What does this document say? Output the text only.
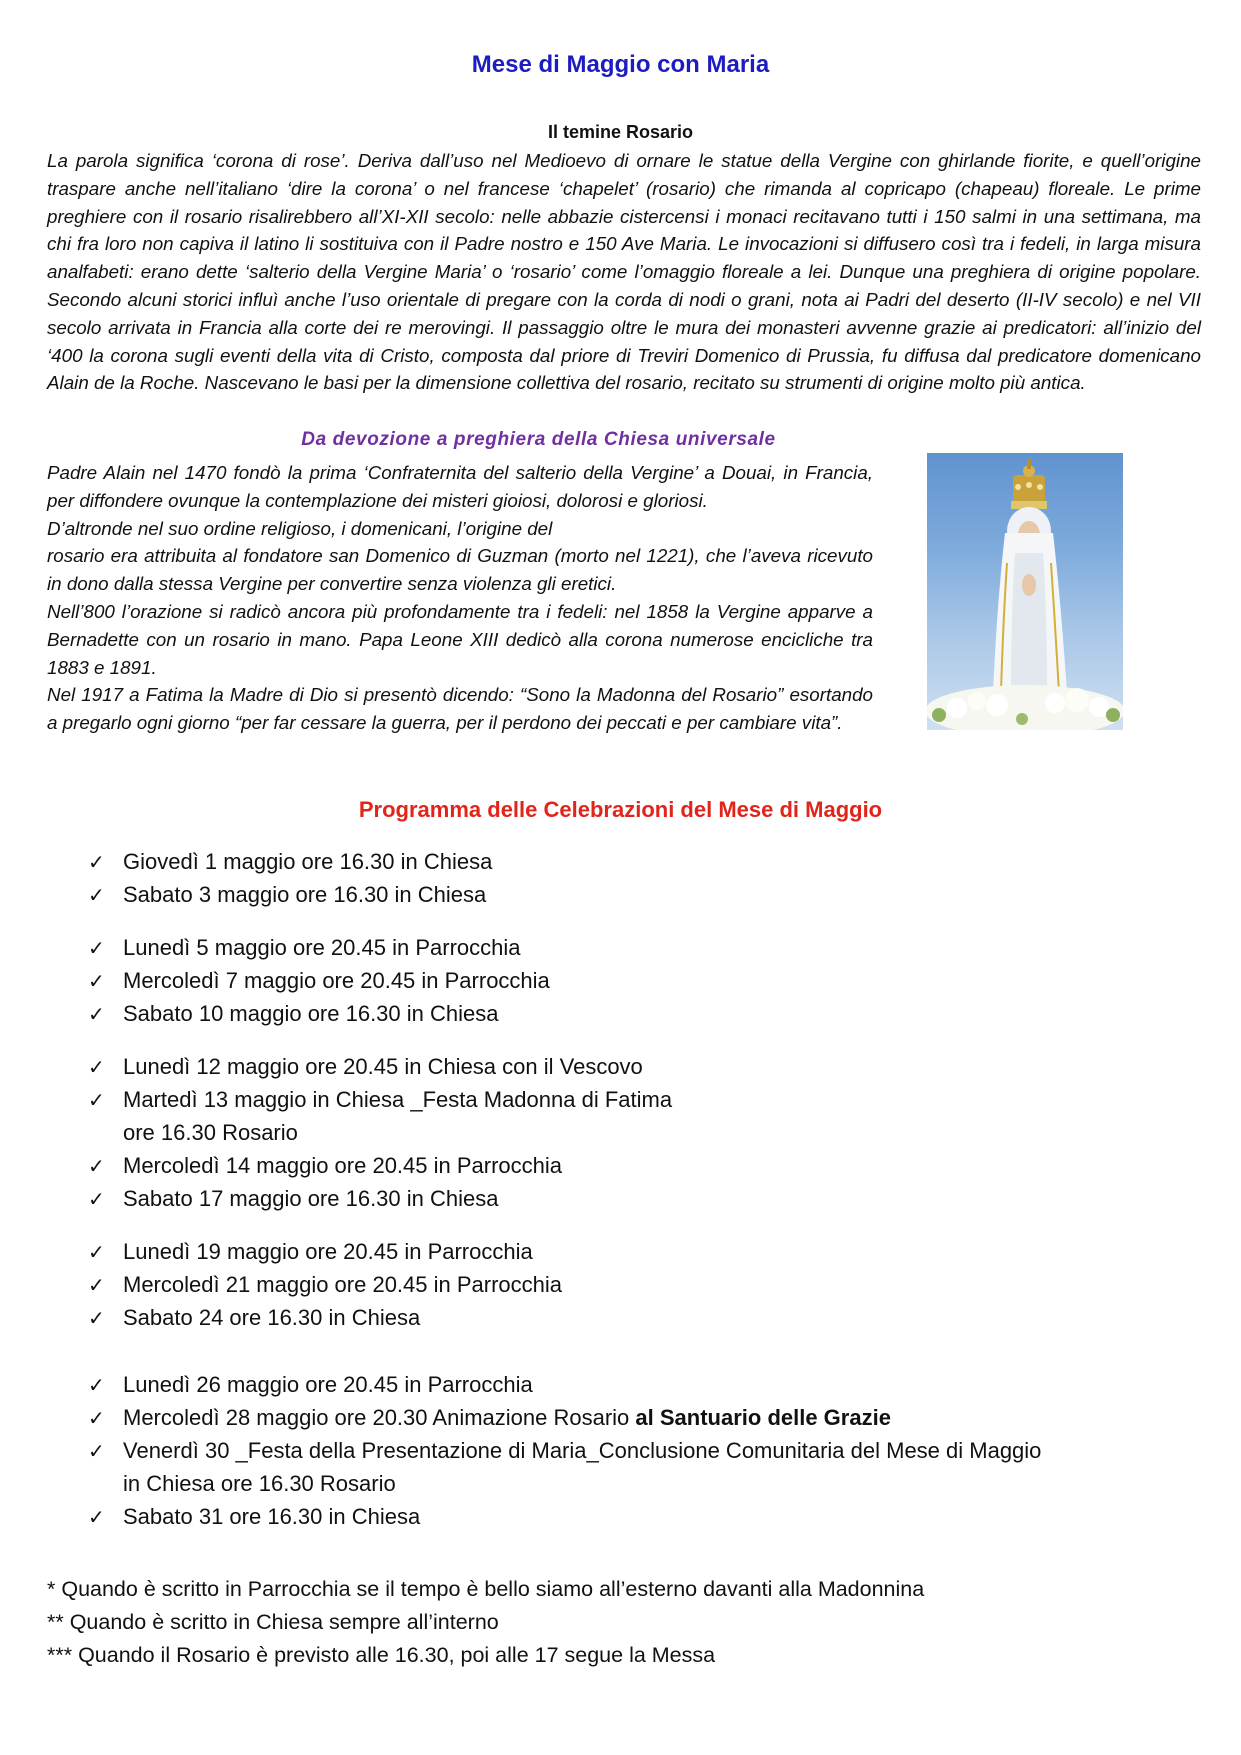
Mese di Maggio con Maria
Il temine Rosario
La parola significa ‘corona di rose’. Deriva dall’uso nel Medioevo di ornare le statue della Vergine con ghirlande fiorite, e quell’origine traspare anche nell’italiano ‘dire la corona’ o nel francese ‘chapelet’ (rosario) che rimanda al copricapo (chapeau) floreale. Le prime preghiere con il rosario risalirebbero all’XI-XII secolo: nelle abbazie cistercensi i monaci recitavano tutti i 150 salmi in una settimana, ma chi fra loro non capiva il latino li sostituiva con il Padre nostro e 150 Ave Maria. Le invocazioni si diffusero così tra i fedeli, in larga misura analfabeti: erano dette ‘salterio della Vergine Maria’ o ‘rosario’ come l’omaggio floreale a lei. Dunque una preghiera di origine popolare. Secondo alcuni storici influì anche l’uso orientale di pregare con la corda di nodi o grani, nota ai Padri del deserto (II-IV secolo) e nel VII secolo arrivata in Francia alla corte dei re merovingi. Il passaggio oltre le mura dei monasteri avvenne grazie ai predicatori: all’inizio del ‘400 la corona sugli eventi della vita di Cristo, composta dal priore di Treviri Domenico di Prussia, fu diffusa dal predicatore domenicano Alain de la Roche. Nascevano le basi per la dimensione collettiva del rosario, recitato su strumenti di origine molto più antica.
Da devozione a preghiera della Chiesa universale

Padre Alain nel 1470 fondò la prima ‘Confraternita del salterio della Vergine’ a Douai, in Francia, per diffondere ovunque la contemplazione dei misteri gioiosi, dolorosi e gloriosi.

D’altronde nel suo ordine religioso, i domenicani, l’origine del

rosario era attribuita al fondatore san Domenico di Guzman (morto nel 1221), che l’aveva ricevuto in dono dalla stessa Vergine per convertire senza violenza gli eretici.

Nell’800 l’orazione si radicò ancora più profondamente tra i fedeli: nel 1858 la Vergine apparve a Bernadette con un rosario in mano. Papa Leone XIII dedicò alla corona numerose encicliche tra 1883 e 1891.

Nel 1917 a Fatima la Madre di Dio si presentò dicendo: “Sono la Madonna del Rosario” esortando a pregarlo ogni giorno “per far cessare la guerra, per il perdono dei peccati e per cambiare vita”.

Programma delle Celebrazioni del Mese di Maggio
✓ Giovedì 1 maggio ore 16.30 in Chiesa
✓ Sabato 3 maggio ore 16.30 in Chiesa
✓ Lunedì 5 maggio ore 20.45 in Parrocchia
✓ Mercoledì 7 maggio ore 20.45 in Parrocchia
✓ Sabato 10 maggio ore 16.30 in Chiesa
✓ Lunedì 12 maggio ore 20.45 in Chiesa con il Vescovo
✓ Martedì 13 maggio in Chiesa _Festa Madonna di Fatima
ore 16.30 Rosario
✓ Mercoledì 14 maggio ore 20.45 in Parrocchia
✓ Sabato 17 maggio ore 16.30 in Chiesa
✓ Lunedì 19 maggio ore 20.45 in Parrocchia
✓ Mercoledì 21 maggio ore 20.45 in Parrocchia
✓ Sabato 24 ore 16.30 in Chiesa
✓ Lunedì 26 maggio ore 20.45 in Parrocchia
✓ Mercoledì 28 maggio ore 20.30 Animazione Rosario al Santuario delle Grazie
✓ Venerdì 30 _Festa della Presentazione di Maria_Conclusione Comunitaria del Mese di Maggio
in Chiesa ore 16.30 Rosario
✓ Sabato 31 ore 16.30 in Chiesa
* Quando è scritto in Parrocchia se il tempo è bello siamo all’esterno davanti alla Madonnina
** Quando è scritto in Chiesa sempre all’interno
*** Quando il Rosario è previsto alle 16.30, poi alle 17 segue la Messa
